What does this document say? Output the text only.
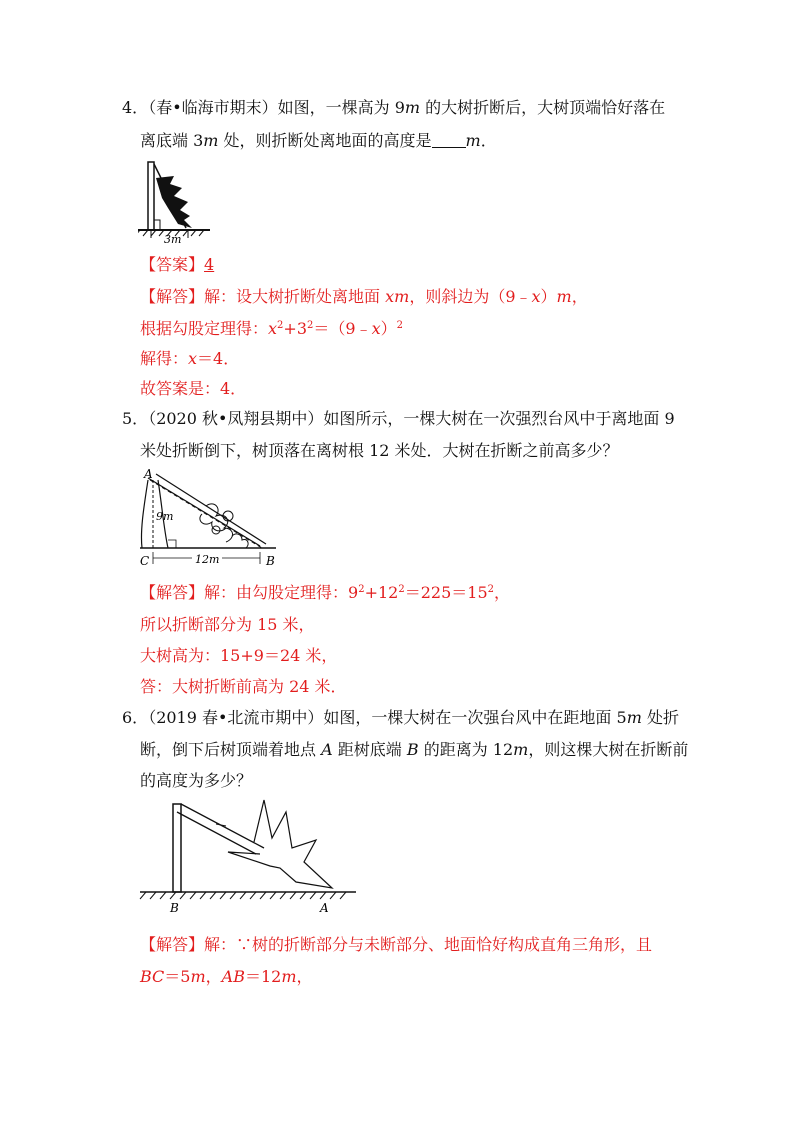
4．（春•临海市期末）如图，一棵高为 9m 的大树折断后，大树顶端恰好落在
离底端 3m 处，则折断处离地面的高度是 m．
3m
【答案】4
【解答】解：设大树折断处离地面 xm，则斜边为（9﹣x）m，
根据勾股定理得：$x^2+3^2=(9﹣x)^2$
解得：x＝4．
故答案是：4．
5．（2020 秋•凤翔县期中）如图所示，一棵大树在一次强烈台风中于离地面 9
米处折断倒下，树顶落在离树根 12 米处．大树在折断之前高多少？
A
C	B
9m
12m
【解答】解：由勾股定理得：$9^2+12^2=225=15^2$，
所以折断部分为 15 米，
大树高为：15+9＝24 米，
答：大树折断前高为 24 米．
6．（2019 春•北流市期中）如图，一棵大树在一次强台风中在距地面 5m 处折
断，倒下后树顶端着地点 A 距树底端 B 的距离为 12m，则这棵大树在折断前
的高度为多少？
B	A
【解答】解：∵树的折断部分与未断部分、地面恰好构成直角三角形，且
BC＝5m，AB＝12m，
